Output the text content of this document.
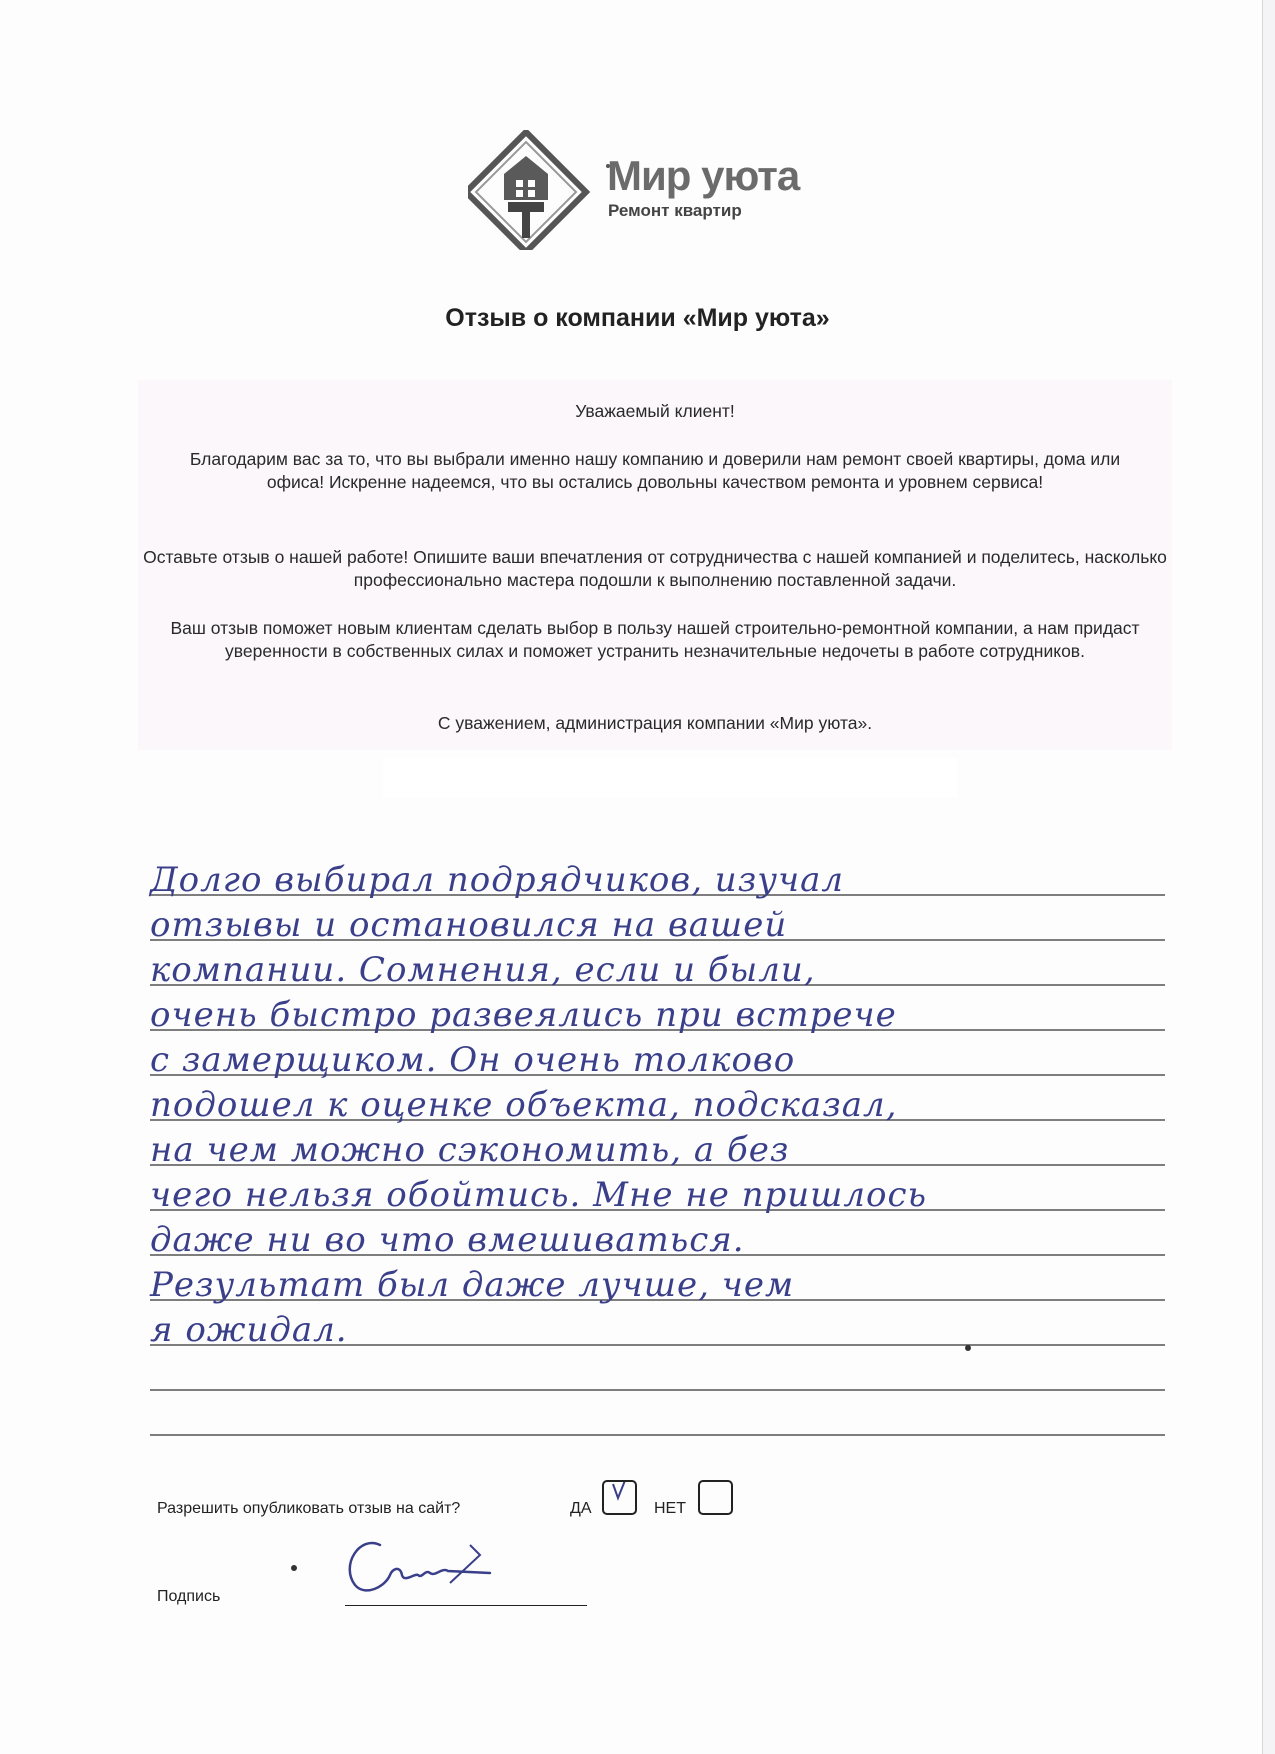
Мир уюта
Ремонт квартир
Отзыв о компании «Мир уюта»

Уважаемый клиент!

Благодарим вас за то, что вы выбрали именно нашу компанию и доверили нам ремонт своей квартиры, дома или офиса! Искренне надеемся, что вы остались довольны качеством ремонта и уровнем сервиса!

Оставьте отзыв о нашей работе! Опишите ваши впечатления от сотрудничества с нашей компанией и поделитесь, насколько профессионально мастера подошли к выполнению поставленной задачи.

Ваш отзыв поможет новым клиентам сделать выбор в пользу нашей строительно-ремонтной компании, а нам придаст уверенности в собственных силах и поможет устранить незначительные недочеты в работе сотрудников.

С уважением, администрация компании «Мир уюта».

Долго выбирал подрядчиков, изучал
отзывы и остановился на вашей
компании. Сомнения, если и были,
очень быстро развеялись при встрече
с замерщиком. Он очень толково
подошел к оценке объекта, подсказал,
на чем можно сэкономить, а без
чего нельзя обойтись. Мне не пришлось
даже ни во что вмешиваться.
Результат был даже лучше, чем
я ожидал.
Разрешить опубликовать отзыв на сайт?	ДА	НЕТ
Подпись
